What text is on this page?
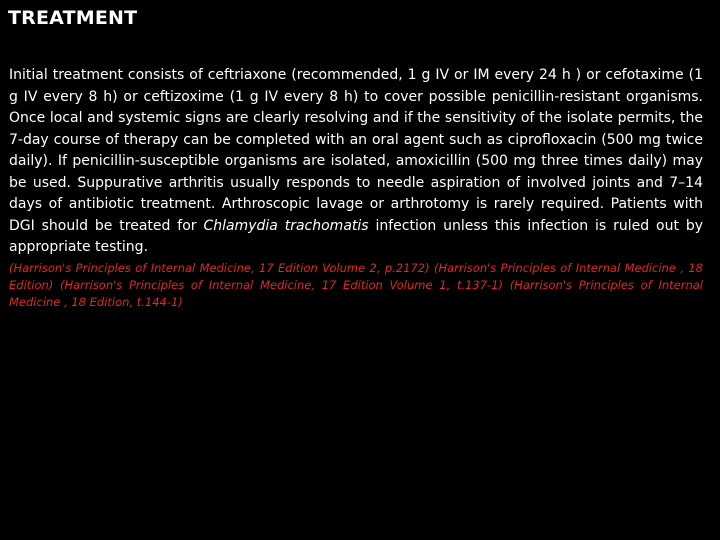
TREATMENT

Initial treatment consists of ceftriaxone (recommended, 1 g IV or IM every 24 h ) or cefotaxime (1 g IV every 8 h) or ceftizoxime (1 g IV every 8 h) to cover possible penicillin-resistant organisms. Once local and systemic signs are clearly resolving and if the sensitivity of the isolate permits, the 7-day course of therapy can be completed with an oral agent such as ciprofloxacin (500 mg twice daily). If penicillin-susceptible organisms are isolated, amoxicillin (500 mg three times daily) may be used. Suppurative arthritis usually responds to needle aspiration of involved joints and 7–14 days of antibiotic treatment. Arthroscopic lavage or arthrotomy is rarely required. Patients with DGI should be treated for Chlamydia trachomatis infection unless this infection is ruled out by appropriate testing.

(Harrison's Principles of Internal Medicine, 17 Edition Volume 2, p.2172) (Harrison's Principles of Internal Medicine , 18 Edition) (Harrison's Principles of Internal Medicine, 17 Edition Volume 1, t.137-1) (Harrison's Principles of Internal Medicine , 18 Edition, t.144-1)
